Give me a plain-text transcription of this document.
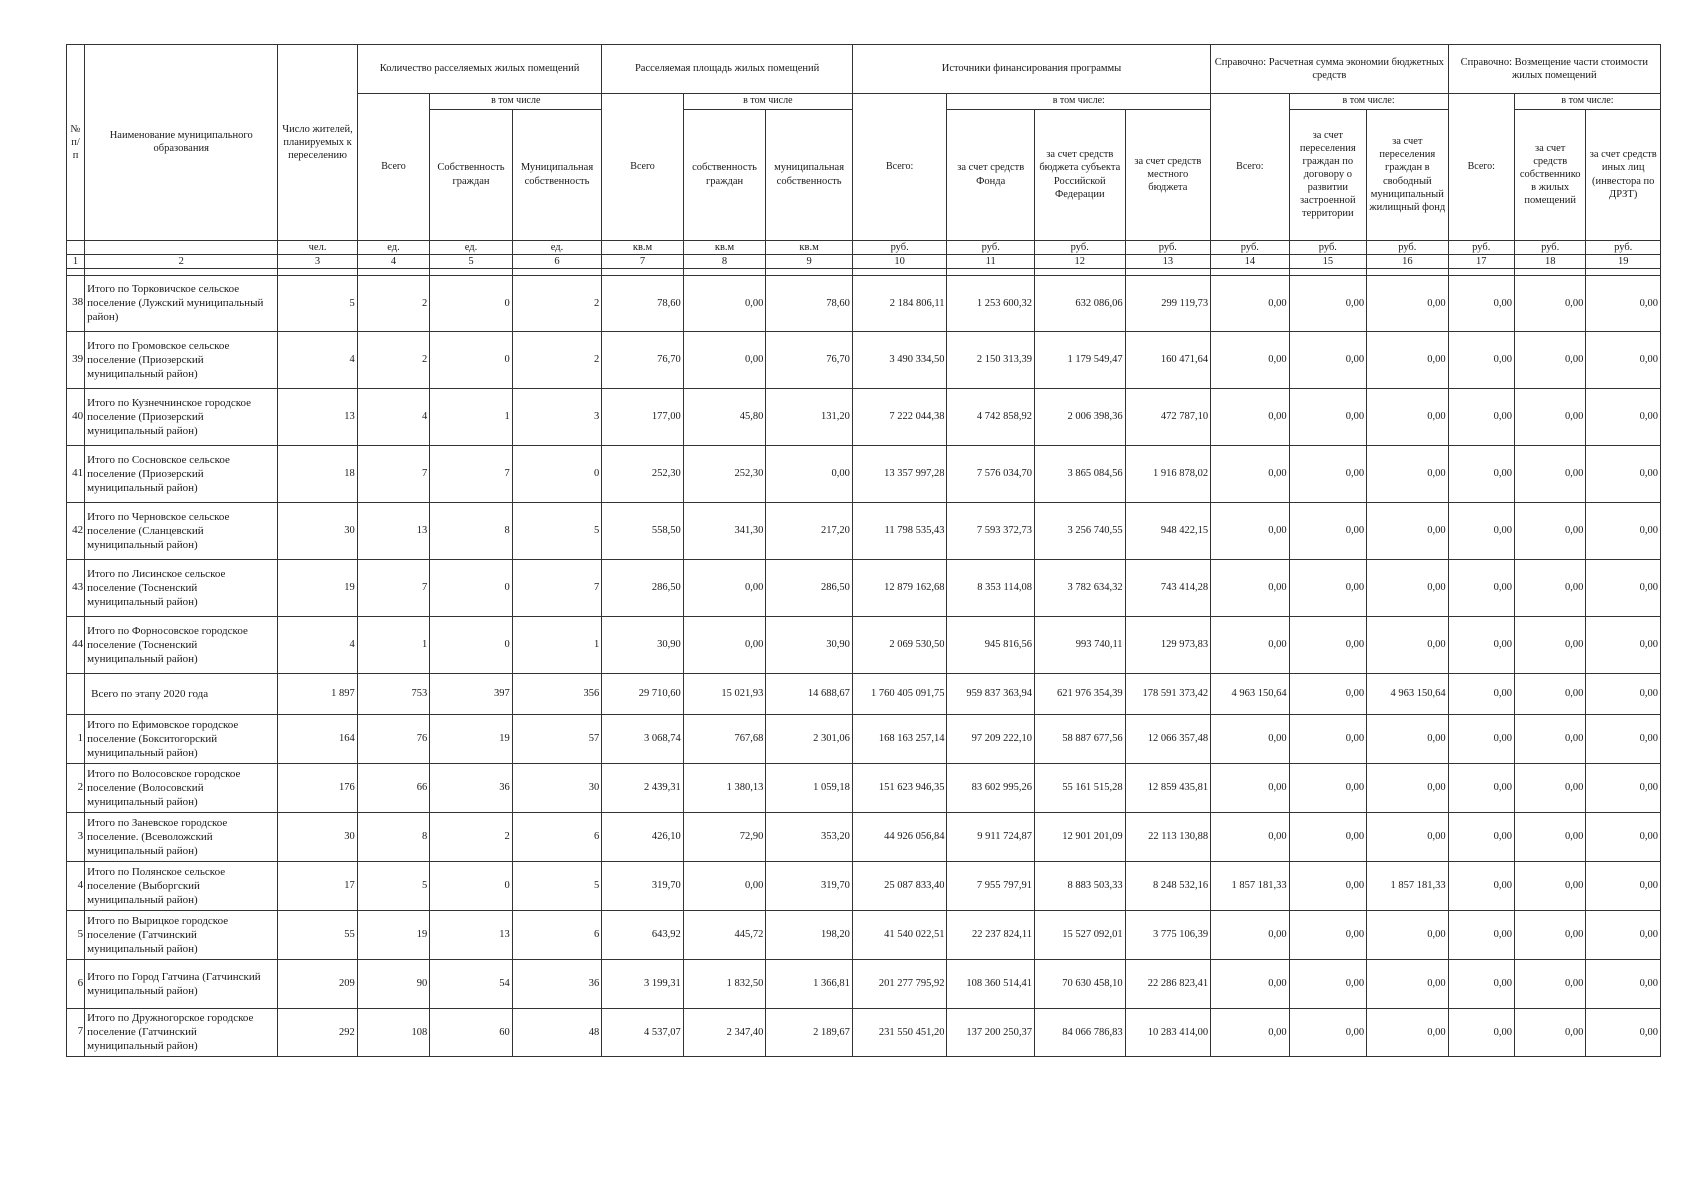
№ п/п	Наименование муниципального образования	Число жителей, планируемых к переселению	Количество расселяемых жилых помещений			Расселяемая площадь жилых помещений			Источники финансирования программы				Справочно: Расчетная сумма экономии бюджетных средств			Справочно: Возмещение части стоимости жилых помещений		
			Всего	в том числе		Всего	в том числе		Всего:	в том числе:			Всего:	в том числе:		Всего:	в том числе:	
				Собственность граждан	Муниципальная собственность		собственность граждан	муниципальная собственность		за счет средств Фонда	за счет средств бюджета субъекта Российской Федерации	за счет средств местного бюджета		за счет переселения граждан по договору о развитии застроенной территории	за счет переселения граждан в свободный муниципальный жилищный фонд		за счет средств собственнико в жилых помещений	за счет средств иных лиц (инвестора по ДРЗТ)
		чел.	ед.	ед.	ед.	кв.м	кв.м	кв.м	руб.	руб.	руб.	руб.	руб.	руб.	руб.	руб.	руб.	руб.
1	2	3	4	5	6	7	8	9	10	11	12	13	14	15	16	17	18	19

38	Итого по Торковичское сельское поселение (Лужский муниципальный район)	5	2	0	2	78,60	0,00	78,60	2 184 806,11	1 253 600,32	632 086,06	299 119,73	0,00	0,00	0,00	0,00	0,00	0,00
39	Итого по Громовское сельское поселение (Приозерский муниципальный район)	4	2	0	2	76,70	0,00	76,70	3 490 334,50	2 150 313,39	1 179 549,47	160 471,64	0,00	0,00	0,00	0,00	0,00	0,00
40	Итого по Кузнечнинское городское поселение (Приозерский муниципальный район)	13	4	1	3	177,00	45,80	131,20	7 222 044,38	4 742 858,92	2 006 398,36	472 787,10	0,00	0,00	0,00	0,00	0,00	0,00
41	Итого по Сосновское сельское поселение (Приозерский муниципальный район)	18	7	7	0	252,30	252,30	0,00	13 357 997,28	7 576 034,70	3 865 084,56	1 916 878,02	0,00	0,00	0,00	0,00	0,00	0,00
42	Итого по Черновское сельское поселение (Сланцевский муниципальный район)	30	13	8	5	558,50	341,30	217,20	11 798 535,43	7 593 372,73	3 256 740,55	948 422,15	0,00	0,00	0,00	0,00	0,00	0,00
43	Итого по Лисинское сельское поселение (Тосненский муниципальный район)	19	7	0	7	286,50	0,00	286,50	12 879 162,68	8 353 114,08	3 782 634,32	743 414,28	0,00	0,00	0,00	0,00	0,00	0,00
44	Итого по Форносовское городское поселение (Тосненский муниципальный район)	4	1	0	1	30,90	0,00	30,90	2 069 530,50	945 816,56	993 740,11	129 973,83	0,00	0,00	0,00	0,00	0,00	0,00
	Всего по этапу 2020 года	1 897	753	397	356	29 710,60	15 021,93	14 688,67	1 760 405 091,75	959 837 363,94	621 976 354,39	178 591 373,42	4 963 150,64	0,00	4 963 150,64	0,00	0,00	0,00
1	Итого по Ефимовское городское поселение (Бокситогорский муниципальный район)	164	76	19	57	3 068,74	767,68	2 301,06	168 163 257,14	97 209 222,10	58 887 677,56	12 066 357,48	0,00	0,00	0,00	0,00	0,00	0,00
2	Итого по Волосовское городское поселение (Волосовский муниципальный район)	176	66	36	30	2 439,31	1 380,13	1 059,18	151 623 946,35	83 602 995,26	55 161 515,28	12 859 435,81	0,00	0,00	0,00	0,00	0,00	0,00
3	Итого по Заневское городское поселение. (Всеволожский муниципальный район)	30	8	2	6	426,10	72,90	353,20	44 926 056,84	9 911 724,87	12 901 201,09	22 113 130,88	0,00	0,00	0,00	0,00	0,00	0,00
4	Итого по Полянское сельское поселение (Выборгский муниципальный район)	17	5	0	5	319,70	0,00	319,70	25 087 833,40	7 955 797,91	8 883 503,33	8 248 532,16	1 857 181,33	0,00	1 857 181,33	0,00	0,00	0,00
5	Итого по Вырицкое городское поселение (Гатчинский муниципальный район)	55	19	13	6	643,92	445,72	198,20	41 540 022,51	22 237 824,11	15 527 092,01	3 775 106,39	0,00	0,00	0,00	0,00	0,00	0,00
6	Итого по Город Гатчина (Гатчинский муниципальный район)	209	90	54	36	3 199,31	1 832,50	1 366,81	201 277 795,92	108 360 514,41	70 630 458,10	22 286 823,41	0,00	0,00	0,00	0,00	0,00	0,00
7	Итого по Дружногорское городское поселение (Гатчинский муниципальный район)	292	108	60	48	4 537,07	2 347,40	2 189,67	231 550 451,20	137 200 250,37	84 066 786,83	10 283 414,00	0,00	0,00	0,00	0,00	0,00	0,00
